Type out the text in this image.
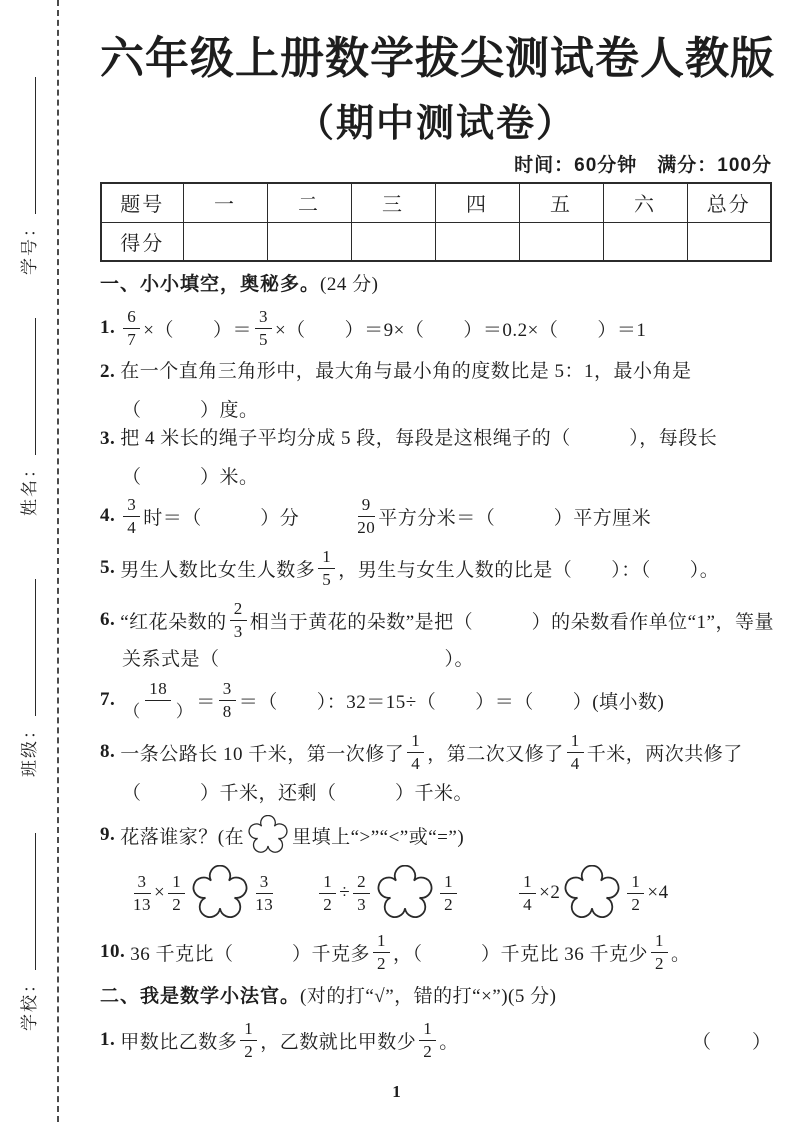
学号：
姓名：
班级：
学校：
六年级上册数学拔尖测试卷人教版
（期中测试卷）
时间：60分钟　满分：100分
题号	一	二	三	四	五	六	总分
得分							
一、小小填空，奥秘多。(24 分)
1. $\frac{6}{7}$ ×（　　）＝ $\frac{3}{5}$ ×（　　）＝9×（　　）＝0.2×（　　）＝1
2. 在一个直角三角形中，最大角与最小角的度数比是 5：1，最小角是
（　　　）度。
3. 把 4 米长的绳子平均分成 5 段，每段是这根绳子的（　　　），每段长
（　　　）米。
4. $\frac{3}{4}$ 时＝（　　　）分	$\frac{9}{20}$ 平方分米＝（　　　）平方厘米
5. 男生人数比女生人数多 $\frac{1}{5}$ ，男生与女生人数的比是（　　）：（　　）。
6. “红花朵数的 $\frac{2}{3}$ 相当于黄花的朵数”是把（　　　）的朵数看作单位“1”，等量
关系式是（	）。
7. $\frac{18}{( )} = \frac{3}{8}$ ＝（　　）：32＝15÷（　　）＝（　　）(填小数)
8. 一条公路长 10 千米，第一次修了 $\frac{1}{4}$ ，第二次又修了 $\frac{1}{4}$ 千米，两次共修了
（　　　）千米，还剩（　　　）千米。
9. 花落谁家？(在	里填上“>”“<”或“=”)
$\frac{3}{13} \times \frac{1}{2}$	$\frac{3}{13}$	$\frac{1}{2} \div \frac{2}{3}$	$\frac{1}{2}$	$\frac{1}{4} \times 2$	$\frac{1}{2} \times 4$
10. 36 千克比（　　　）千克多 $\frac{1}{2}$ ，（　　　）千克比 36 千克少 $\frac{1}{2}$ 。
二、我是数学小法官。(对的打“√”，错的打“×”)(5 分)
1. 甲数比乙数多 $\frac{1}{2}$ ，乙数就比甲数少 $\frac{1}{2}$ 。	（　　）
1
